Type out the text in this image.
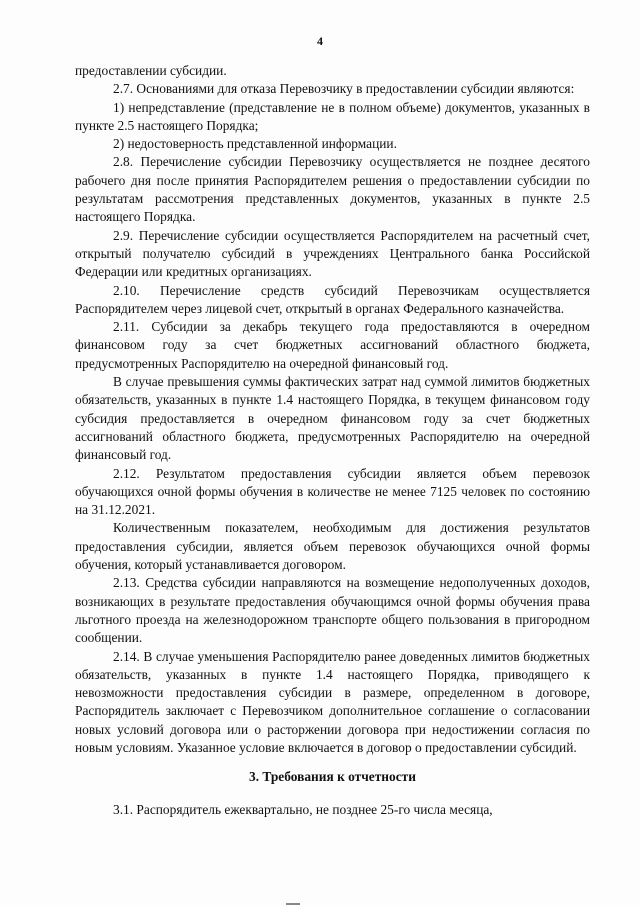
4

предоставлении субсидии.

2.7. Основаниями для отказа Перевозчику в предоставлении субсидии являются:

1) непредставление (представление не в полном объеме) документов, указанных в пункте 2.5 настоящего Порядка;

2) недостоверность представленной информации.

2.8. Перечисление субсидии Перевозчику осуществляется не позднее десятого рабочего дня после принятия Распорядителем решения о предоставлении субсидии по результатам рассмотрения представленных документов, указанных в пункте 2.5 настоящего Порядка.

2.9. Перечисление субсидии осуществляется Распорядителем на расчетный счет, открытый получателю субсидий в учреждениях Центрального банка Российской Федерации или кредитных организациях.

2.10. Перечисление средств субсидий Перевозчикам осуществляется Распорядителем через лицевой счет, открытый в органах Федерального казначейства.

2.11. Субсидии за декабрь текущего года предоставляются в очередном финансовом году за счет бюджетных ассигнований областного бюджета, предусмотренных Распорядителю на очередной финансовый год.

В случае превышения суммы фактических затрат над суммой лимитов бюджетных обязательств, указанных в пункте 1.4 настоящего Порядка, в текущем финансовом году субсидия предоставляется в очередном финансовом году за счет бюджетных ассигнований областного бюджета, предусмотренных Распорядителю на очередной финансовый год.

2.12. Результатом предоставления субсидии является объем перевозок обучающихся очной формы обучения в количестве не менее 7125 человек по состоянию на 31.12.2021.

Количественным показателем, необходимым для достижения результатов предоставления субсидии, является объем перевозок обучающихся очной формы обучения, который устанавливается договором.

2.13. Средства субсидии направляются на возмещение недополученных доходов, возникающих в результате предоставления обучающимся очной формы обучения права льготного проезда на железнодорожном транспорте общего пользования в пригородном сообщении.

2.14. В случае уменьшения Распорядителю ранее доведенных лимитов бюджетных обязательств, указанных в пункте 1.4 настоящего Порядка, приводящего к невозможности предоставления субсидии в размере, определенном в договоре, Распорядитель заключает с Перевозчиком дополнительное соглашение о согласовании новых условий договора или о расторжении договора при недостижении согласия по новым условиям. Указанное условие включается в договор о предоставлении субсидий.

3. Требования к отчетности

3.1. Распорядитель ежеквартально, не позднее 25-го числа месяца,
